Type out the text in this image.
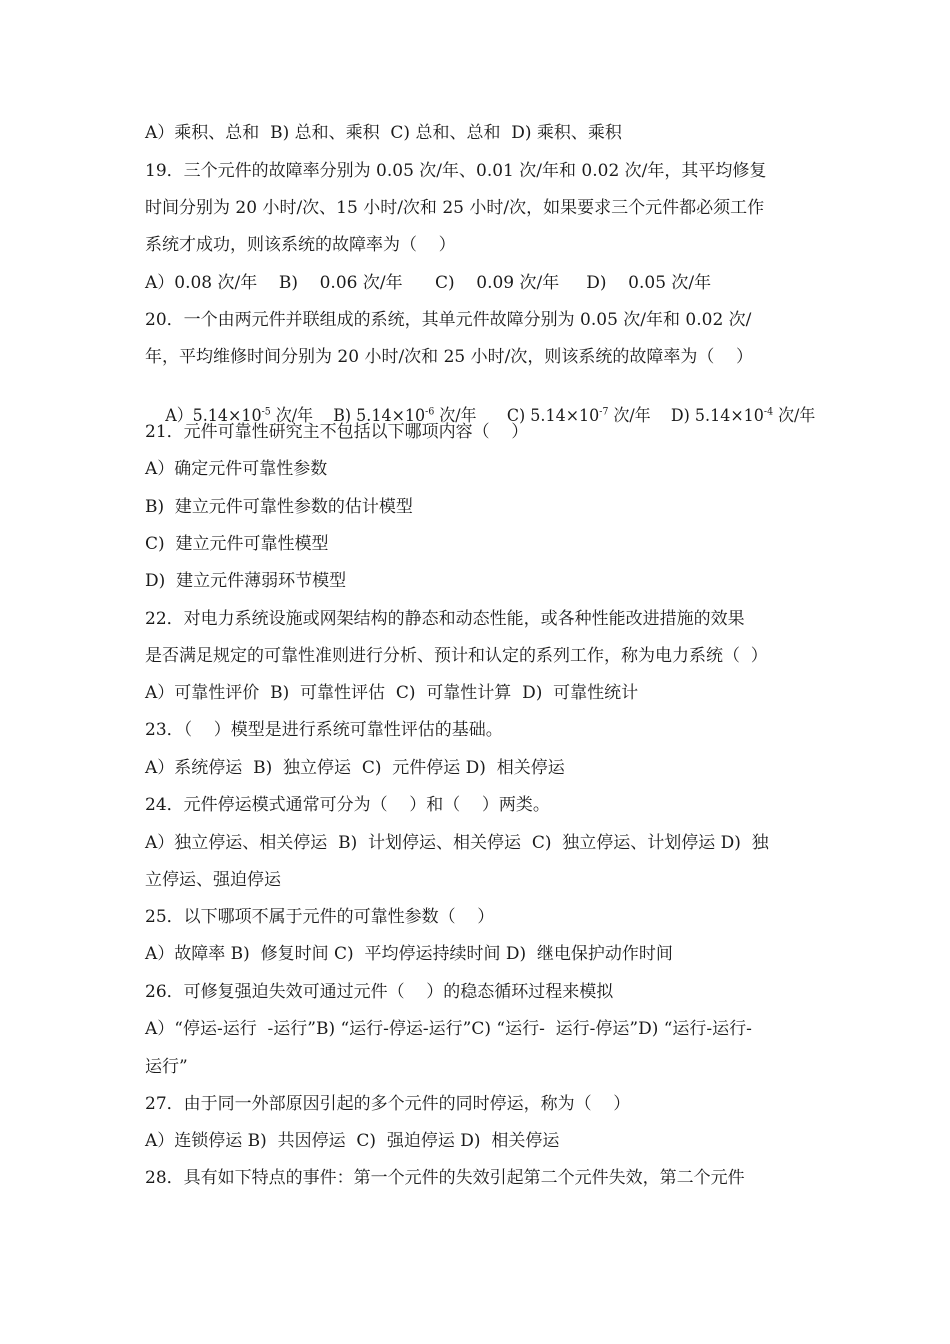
A）乘积、总和  B) 总和、乘积  C) 总和、总和  D) 乘积、乘积
19．三个元件的故障率分别为 0.05 次/年、0.01 次/年和 0.02 次/年，其平均修复
时间分别为 20 小时/次、15 小时/次和 25 小时/次，如果要求三个元件都必须工作
系统才成功，则该系统的故障率为（    ）
A）0.08 次/年    B)    0.06 次/年      C)    0.09 次/年     D)    0.05 次/年
20．一个由两元件并联组成的系统，其单元件故障分别为 0.05 次/年和 0.02 次/
年，平均维修时间分别为 20 小时/次和 25 小时/次，则该系统的故障率为（    ）

$A)5.14\times 10^{-5}$ 次/年    B) $5.14\times 10^{-6}$ 次/年      C) $5.14\times 10^{-7}$ 次/年    D) $5.14\times 10^{-4}$ 次/年

21．元件可靠性研究主不包括以下哪项内容（    ）
A）确定元件可靠性参数
B)  建立元件可靠性参数的估计模型
C)  建立元件可靠性模型
D)  建立元件薄弱环节模型
22．对电力系统设施或网架结构的静态和动态性能，或各种性能改进措施的效果
是否满足规定的可靠性准则进行分析、预计和认定的系列工作，称为电力系统（  ）
A）可靠性评价  B)  可靠性评估  C)  可靠性计算  D)  可靠性统计
23．（    ）模型是进行系统可靠性评估的基础。
A）系统停运  B)  独立停运  C)  元件停运 D)  相关停运
24．元件停运模式通常可分为（    ）和（    ）两类。
A）独立停运、相关停运  B)  计划停运、相关停运  C)  独立停运、计划停运 D)  独
立停运、强迫停运
25．以下哪项不属于元件的可靠性参数（    ）
A）故障率 B)  修复时间 C)  平均停运持续时间 D)  继电保护动作时间
26．可修复强迫失效可通过元件（    ）的稳态循环过程来模拟
A）“停运-运行  -运行”B) “运行-停运-运行”C) “运行-  运行-停运”D) “运行-运行-
运行”
27．由于同一外部原因引起的多个元件的同时停运，称为（    ）
A）连锁停运 B)  共因停运  C)  强迫停运 D)  相关停运
28．具有如下特点的事件：第一个元件的失效引起第二个元件失效，第二个元件
